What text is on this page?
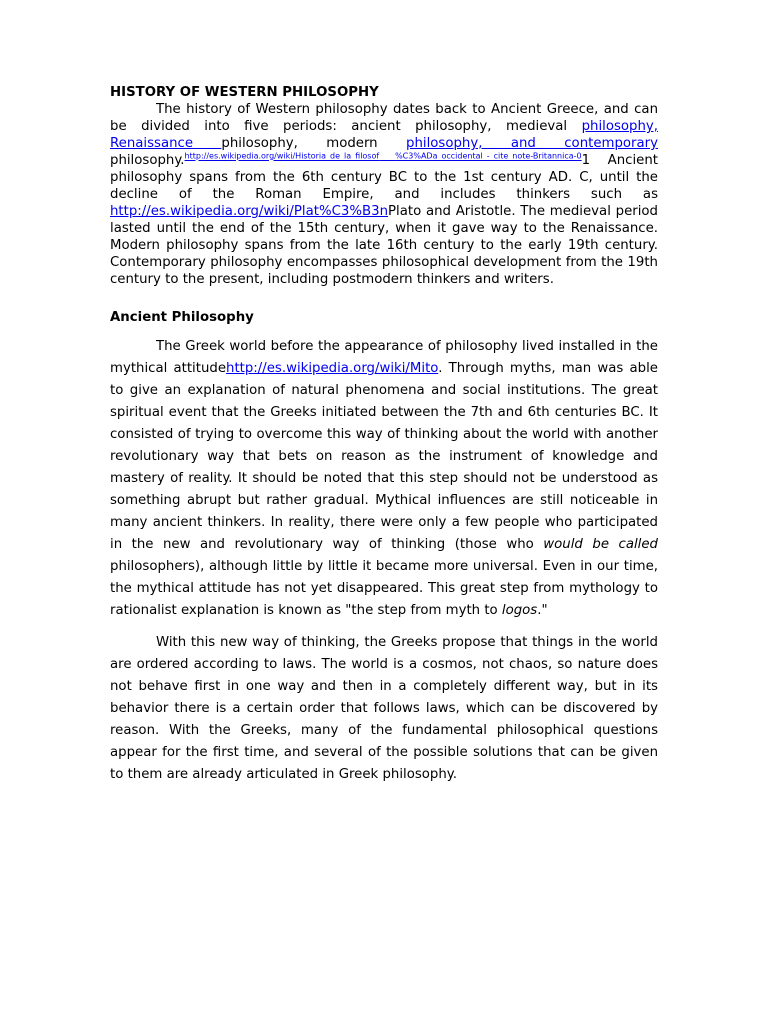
HISTORY OF WESTERN PHILOSOPHY

The history of Western philosophy dates back to Ancient Greece, and can be divided into five periods: ancient philosophy, medieval philosophy, Renaissance philosophy, modern philosophy, and contemporary philosophy.$^{http://es.wikipedia.org/wiki/Historia\_de\_la\_filosof \%C3\%ADa\_occidental\_-\_cite\_note-Britannica-0}$1 Ancient philosophy spans from the 6th century BC to the 1st century AD. C, until the decline of the Roman Empire, and includes thinkers such as http://es.wikipedia.org/wiki/Plat%C3%B3nPlato and Aristotle. The medieval period lasted until the end of the 15th century, when it gave way to the Renaissance. Modern philosophy spans from the late 16th century to the early 19th century. Contemporary philosophy encompasses philosophical development from the 19th century to the present, including postmodern thinkers and writers.

Ancient Philosophy

The Greek world before the appearance of philosophy lived installed in the mythical attitudehttp://es.wikipedia.org/wiki/Mito. Through myths, man was able to give an explanation of natural phenomena and social institutions. The great spiritual event that the Greeks initiated between the 7th and 6th centuries BC. It consisted of trying to overcome this way of thinking about the world with another revolutionary way that bets on reason as the instrument of knowledge and mastery of reality. It should be noted that this step should not be understood as something abrupt but rather gradual. Mythical influences are still noticeable in many ancient thinkers. In reality, there were only a few people who participated in the new and revolutionary way of thinking (those who would be called philosophers), although little by little it became more universal. Even in our time, the mythical attitude has not yet disappeared. This great step from mythology to rationalist explanation is known as "the step from myth to logos."

With this new way of thinking, the Greeks propose that things in the world are ordered according to laws. The world is a cosmos, not chaos, so nature does not behave first in one way and then in a completely different way, but in its behavior there is a certain order that follows laws, which can be discovered by reason. With the Greeks, many of the fundamental philosophical questions appear for the first time, and several of the possible solutions that can be given to them are already articulated in Greek philosophy.
